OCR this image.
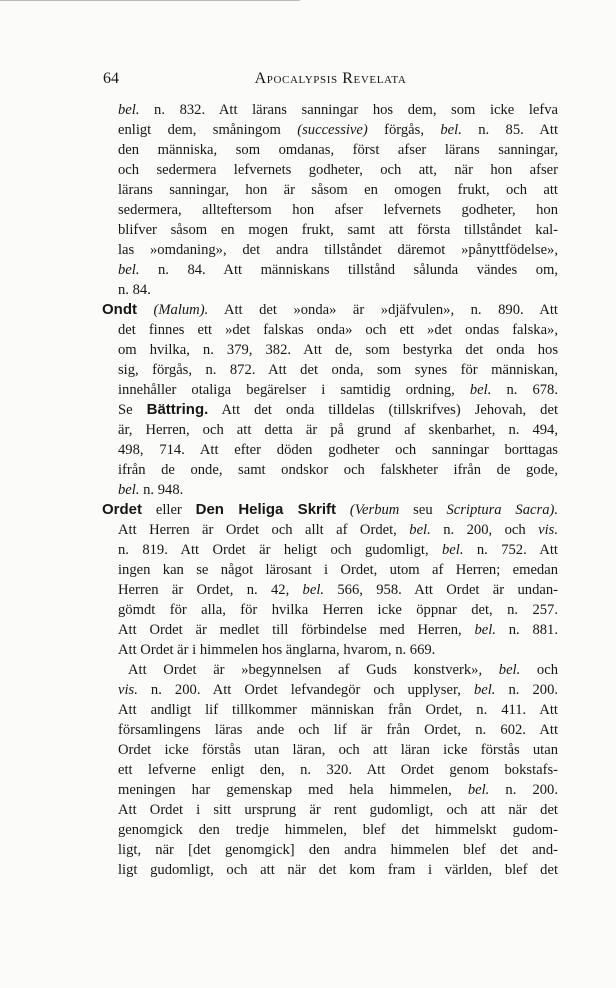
64	Apocalypsis Revelata
bel. n. 832. Att lärans sanningar hos dem, som icke lefva
enligt dem, småningom (successive) förgås, bel. n. 85. Att
den människa, som omdanas, först afser lärans sanningar,
och sedermera lefvernets godheter, och att, när hon afser
lärans sanningar, hon är såsom en omogen frukt, och att
sedermera, allteftersom hon afser lefvernets godheter, hon
blifver såsom en mogen frukt, samt att första tillståndet kal-
las »omdaning», det andra tillståndet däremot »pånyttfödelse»,
bel. n. 84. Att människans tillstånd sålunda vändes om,
n. 84.
Ondt (Malum). Att det »onda» är »djäfvulen», n. 890. Att
det finnes ett »det falskas onda» och ett »det ondas falska»,
om hvilka, n. 379, 382. Att de, som bestyrka det onda hos
sig, förgås, n. 872. Att det onda, som synes för människan,
innehåller otaliga begärelser i samtidig ordning, bel. n. 678.
Se Bättring. Att det onda tilldelas (tillskrifves) Jehovah, det
är, Herren, och att detta är på grund af skenbarhet, n. 494,
498, 714. Att efter döden godheter och sanningar borttagas
ifrån de onde, samt ondskor och falskheter ifrån de gode,
bel. n. 948.
Ordet eller Den Heliga Skrift (Verbum seu Scriptura Sacra).
Att Herren är Ordet och allt af Ordet, bel. n. 200, och vis.
n. 819. Att Ordet är heligt och gudomligt, bel. n. 752. Att
ingen kan se något lärosant i Ordet, utom af Herren; emedan
Herren är Ordet, n. 42, bel. 566, 958. Att Ordet är undan-
gömdt för alla, för hvilka Herren icke öppnar det, n. 257.
Att Ordet är medlet till förbindelse med Herren, bel. n. 881.
Att Ordet är i himmelen hos änglarna, hvarom, n. 669.
Att Ordet är »begynnelsen af Guds konstverk», bel. och
vis. n. 200. Att Ordet lefvandegör och upplyser, bel. n. 200.
Att andligt lif tillkommer människan från Ordet, n. 411. Att
församlingens läras ande och lif är från Ordet, n. 602. Att
Ordet icke förstås utan läran, och att läran icke förstås utan
ett lefverne enligt den, n. 320. Att Ordet genom bokstafs-
meningen har gemenskap med hela himmelen, bel. n. 200.
Att Ordet i sitt ursprung är rent gudomligt, och att när det
genomgick den tredje himmelen, blef det himmelskt gudom-
ligt, när [det genomgick] den andra himmelen blef det and-
ligt gudomligt, och att när det kom fram i världen, blef det
